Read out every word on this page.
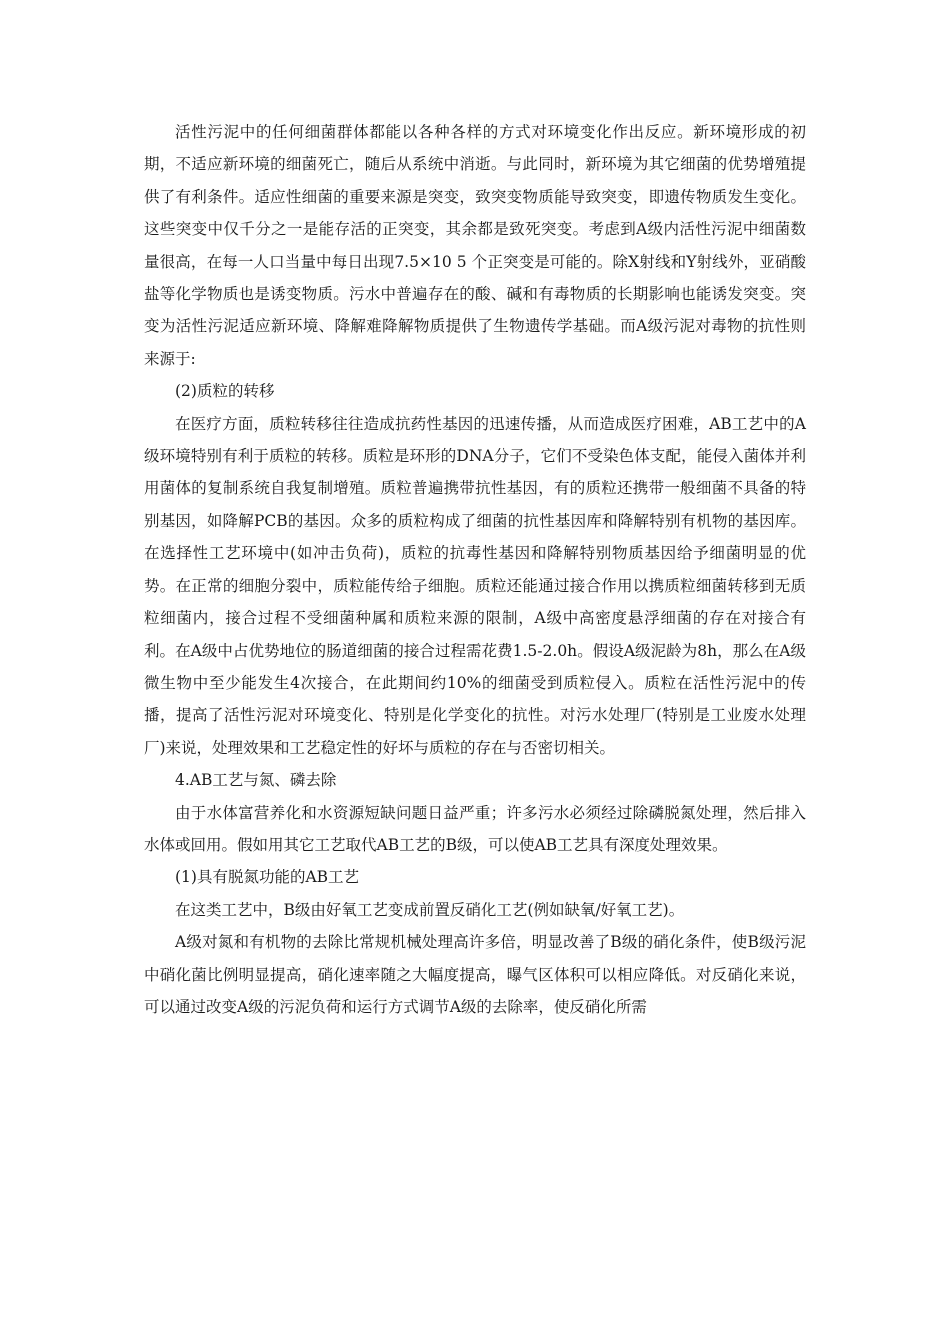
活性污泥中的任何细菌群体都能以各种各样的方式对环境变化作出反应。新环境形成的初期，不适应新环境的细菌死亡，随后从系统中消逝。与此同时，新环境为其它细菌的优势增殖提供了有利条件。适应性细菌的重要来源是突变，致突变物质能导致突变，即遗传物质发生变化。这些突变中仅千分之一是能存活的正突变，其余都是致死突变。考虑到A级内活性污泥中细菌数量很高，在每一人口当量中每日出现7.5×10 5 个正突变是可能的。除X射线和Y射线外，亚硝酸盐等化学物质也是诱变物质。污水中普遍存在的酸、碱和有毒物质的长期影响也能诱发突变。突变为活性污泥适应新环境、降解难降解物质提供了生物遗传学基础。而A级污泥对毒物的抗性则来源于:

(2)质粒的转移

在医疗方面，质粒转移往往造成抗药性基因的迅速传播，从而造成医疗困难，AB工艺中的A级环境特别有利于质粒的转移。质粒是环形的DNA分子，它们不受染色体支配，能侵入菌体并利用菌体的复制系统自我复制增殖。质粒普遍携带抗性基因，有的质粒还携带一般细菌不具备的特别基因，如降解PCB的基因。众多的质粒构成了细菌的抗性基因库和降解特别有机物的基因库。在选择性工艺环境中(如冲击负荷)，质粒的抗毒性基因和降解特别物质基因给予细菌明显的优势。在正常的细胞分裂中，质粒能传给子细胞。质粒还能通过接合作用以携质粒细菌转移到无质粒细菌内，接合过程不受细菌种属和质粒来源的限制，A级中高密度悬浮细菌的存在对接合有利。在A级中占优势地位的肠道细菌的接合过程需花费1.5-2.0h。假设A级泥龄为8h，那么在A级微生物中至少能发生4次接合，在此期间约10%的细菌受到质粒侵入。质粒在活性污泥中的传播，提高了活性污泥对环境变化、特别是化学变化的抗性。对污水处理厂(特别是工业废水处理厂)来说，处理效果和工艺稳定性的好坏与质粒的存在与否密切相关。

4.AB工艺与氮、磷去除

由于水体富营养化和水资源短缺问题日益严重；许多污水必须经过除磷脱氮处理，然后排入水体或回用。假如用其它工艺取代AB工艺的B级，可以使AB工艺具有深度处理效果。

(1)具有脱氮功能的AB工艺

在这类工艺中，B级由好氧工艺变成前置反硝化工艺(例如缺氧/好氧工艺)。

A级对氮和有机物的去除比常规机械处理高许多倍，明显改善了B级的硝化条件，使B级污泥中硝化菌比例明显提高，硝化速率随之大幅度提高，曝气区体积可以相应降低。对反硝化来说，可以通过改变A级的污泥负荷和运行方式调节A级的去除率，使反硝化所需
